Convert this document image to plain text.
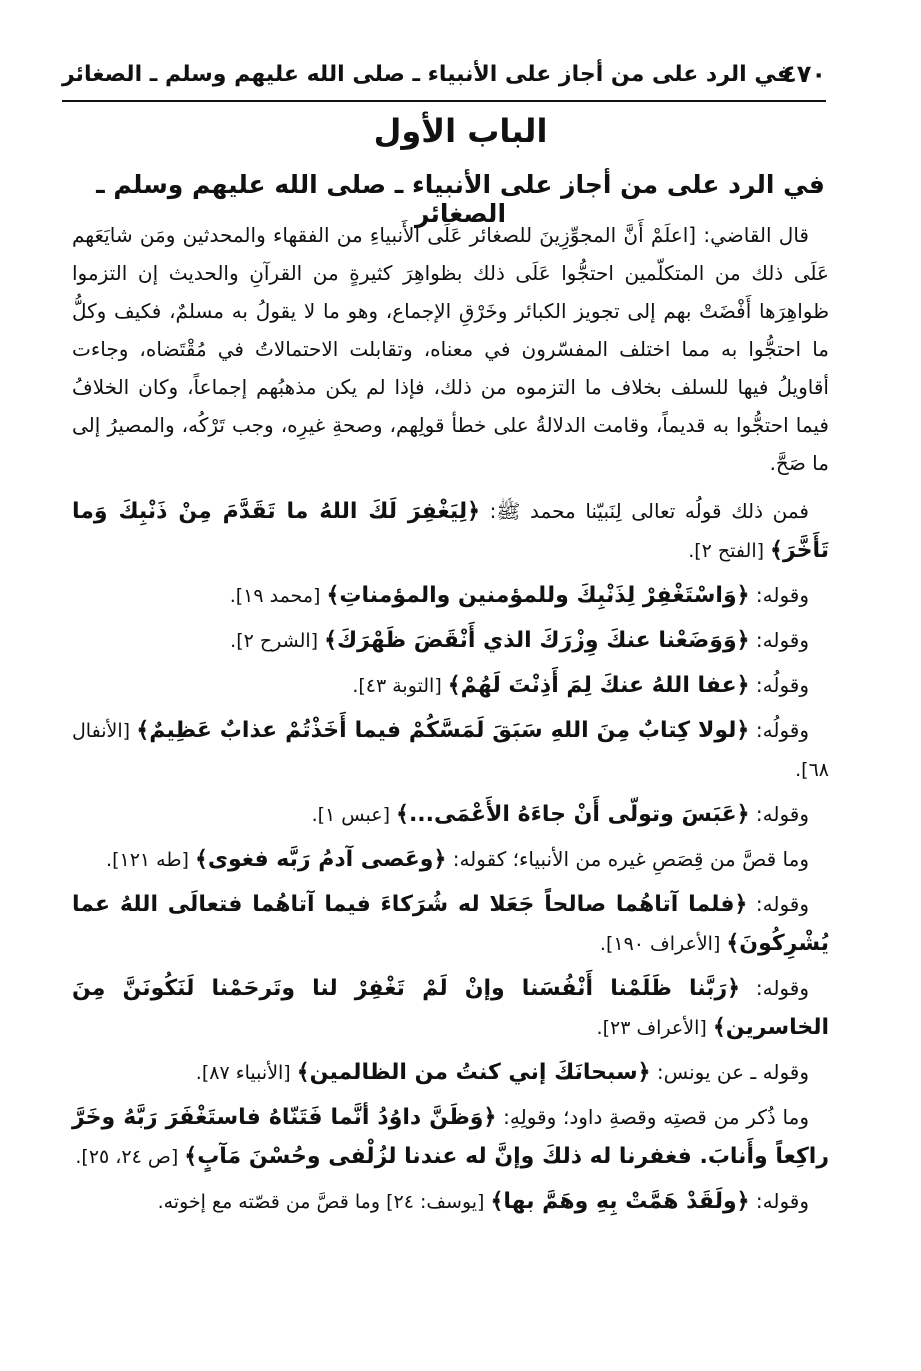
٤٧٠
في الرد على من أجاز على الأنبياء ـ صلى الله عليهم وسلم ـ الصغائر
الباب الأول
في الرد على من أجاز على الأنبياء ـ صلى الله عليهم وسلم ـ الصغائر

قال القاضي: [اعلَمْ أَنَّ المجوِّزِينَ للصغائر عَلَى الأَنبياءِ من الفقهاء والمحدثين ومَن شايَعَهم عَلَى ذلك من المتكلّمين احتجُّوا عَلَى ذلك بظواهِرَ كثيرةٍ من القرآنِ والحديث إن التزموا ظواهِرَها أَفْضَتْ بهم إلى تجويز الكبائر وخَرْقِ الإجماع، وهو ما لا يقولُ به مسلمٌ، فكيف وكلُّ ما احتجُّوا به مما اختلف المفسّرون في معناه، وتقابلت الاحتمالاتُ في مُقْتَضاه، وجاءت أقاويلُ فيها للسلف بخلاف ما التزموه من ذلك، فإذا لم يكن مذهبُهم إجماعاً، وكان الخلافُ فيما احتجُّوا به قديماً، وقامت الدلالةُ على خطأ قولِهم، وصحةِ غيرِه، وجب تَرْكُه، والمصيرُ إلى ما صَحَّ.

فمن ذلك قولُه تعالى لِنَبيّنا محمد ﷺ: ﴿لِيَغْفِرَ لَكَ اللهُ ما تَقَدَّمَ مِنْ ذَنْبِكَ وَما تَأَخَّرَ﴾ [الفتح ٢].

وقوله: ﴿وَاسْتَغْفِرْ لِذَنْبِكَ وللمؤمنين والمؤمناتِ﴾ [محمد ١٩].

وقوله: ﴿وَوَضَعْنا عنكَ وِزْرَكَ الذي أَنْقَضَ ظَهْرَكَ﴾ [الشرح ٢].

وقولُه: ﴿عفا اللهُ عنكَ لِمَ أَذِنْتَ لَهُمْ﴾ [التوبة ٤٣].

وقولُه: ﴿لولا كِتابٌ مِنَ اللهِ سَبَقَ لَمَسَّكُمْ فيما أَخَذْتُمْ عذابٌ عَظِيمٌ﴾ [الأنفال ٦٨].

وقوله: ﴿عَبَسَ وتولّى أَنْ جاءَهُ الأَعْمَى...﴾ [عبس ١].

وما قصَّ من قِصَصِ غيره من الأنبياء؛ كقوله: ﴿وعَصى آدمُ رَبَّه فغوى﴾ [طه ١٢١].

وقوله: ﴿فلما آتاهُما صالحاً جَعَلا له شُرَكاءَ فيما آتاهُما فتعالَى اللهُ عما يُشْرِكُونَ﴾ [الأعراف ١٩٠].

وقوله: ﴿رَبَّنا ظَلَمْنا أَنْفُسَنا وإنْ لَمْ تَغْفِرْ لنا وتَرحَمْنا لَنَكُونَنَّ مِنَ الخاسرين﴾ [الأعراف ٢٣].

وقوله ـ عن يونس: ﴿سبحانَكَ إني كنتُ من الظالمين﴾ [الأنبياء ٨٧].

وما ذُكر من قصتِه وقصةِ داود؛ وقولِهِ: ﴿وَظَنَّ داوُدُ أنَّما فَتَنّاهُ فاستَغْفَرَ رَبَّهُ وخَرَّ راكِعاً وأَنابَ. فغفرنا له ذلكَ وإنَّ له عندنا لزُلْفى وحُسْنَ مَآبٍ﴾ [ص ٢٤، ٢٥].

وقوله: ﴿ولَقَدْ هَمَّتْ بِهِ وهَمَّ بها﴾ [يوسف: ٢٤] وما قصَّ من قصّته مع إخوته.
